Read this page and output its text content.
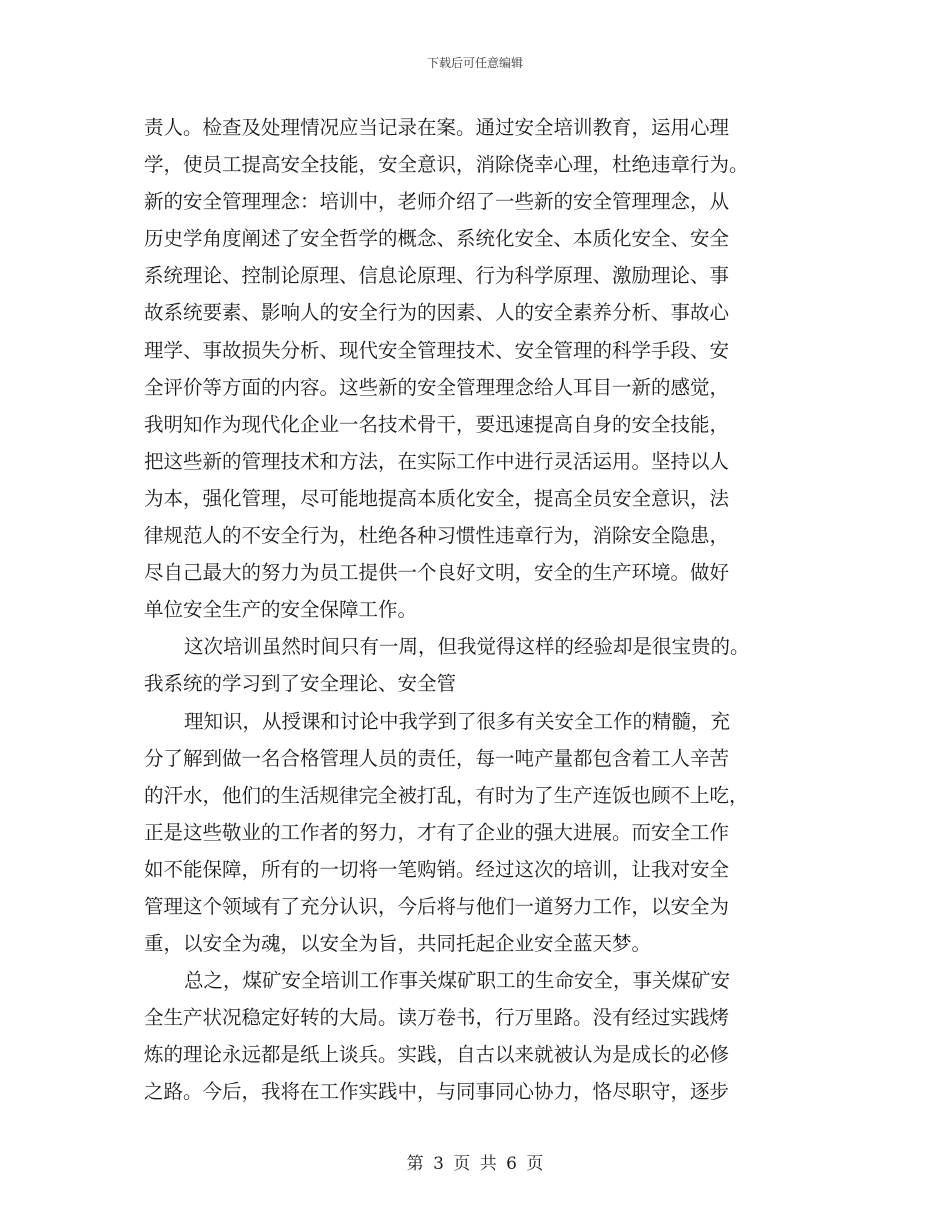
下载后可任意编辑
责人。检查及处理情况应当记录在案。通过安全培训教育，运用心理
学，使员工提高安全技能，安全意识，消除侥幸心理，杜绝违章行为。
新的安全管理理念：培训中，老师介绍了一些新的安全管理理念，从
历史学角度阐述了安全哲学的概念、系统化安全、本质化安全、安全
系统理论、控制论原理、信息论原理、行为科学原理、激励理论、事
故系统要素、影响人的安全行为的因素、人的安全素养分析、事故心
理学、事故损失分析、现代安全管理技术、安全管理的科学手段、安
全评价等方面的内容。这些新的安全管理理念给人耳目一新的感觉，
我明知作为现代化企业一名技术骨干，要迅速提高自身的安全技能，
把这些新的管理技术和方法，在实际工作中进行灵活运用。坚持以人
为本，强化管理，尽可能地提高本质化安全，提高全员安全意识，法
律规范人的不安全行为，杜绝各种习惯性违章行为，消除安全隐患，
尽自己最大的努力为员工提供一个良好文明，安全的生产环境。做好
单位安全生产的安全保障工作。
这次培训虽然时间只有一周，但我觉得这样的经验却是很宝贵的。
我系统的学习到了安全理论、安全管
理知识，从授课和讨论中我学到了很多有关安全工作的精髓，充
分了解到做一名合格管理人员的责任，每一吨产量都包含着工人辛苦
的汗水，他们的生活规律完全被打乱，有时为了生产连饭也顾不上吃，
正是这些敬业的工作者的努力，才有了企业的强大进展。而安全工作
如不能保障，所有的一切将一笔购销。经过这次的培训，让我对安全
管理这个领域有了充分认识，今后将与他们一道努力工作，以安全为
重，以安全为魂，以安全为旨，共同托起企业安全蓝天梦。
总之，煤矿安全培训工作事关煤矿职工的生命安全，事关煤矿安
全生产状况稳定好转的大局。读万卷书，行万里路。没有经过实践烤
炼的理论永远都是纸上谈兵。实践，自古以来就被认为是成长的必修
之路。今后，我将在工作实践中，与同事同心协力，恪尽职守，逐步
第 3 页 共 6 页
